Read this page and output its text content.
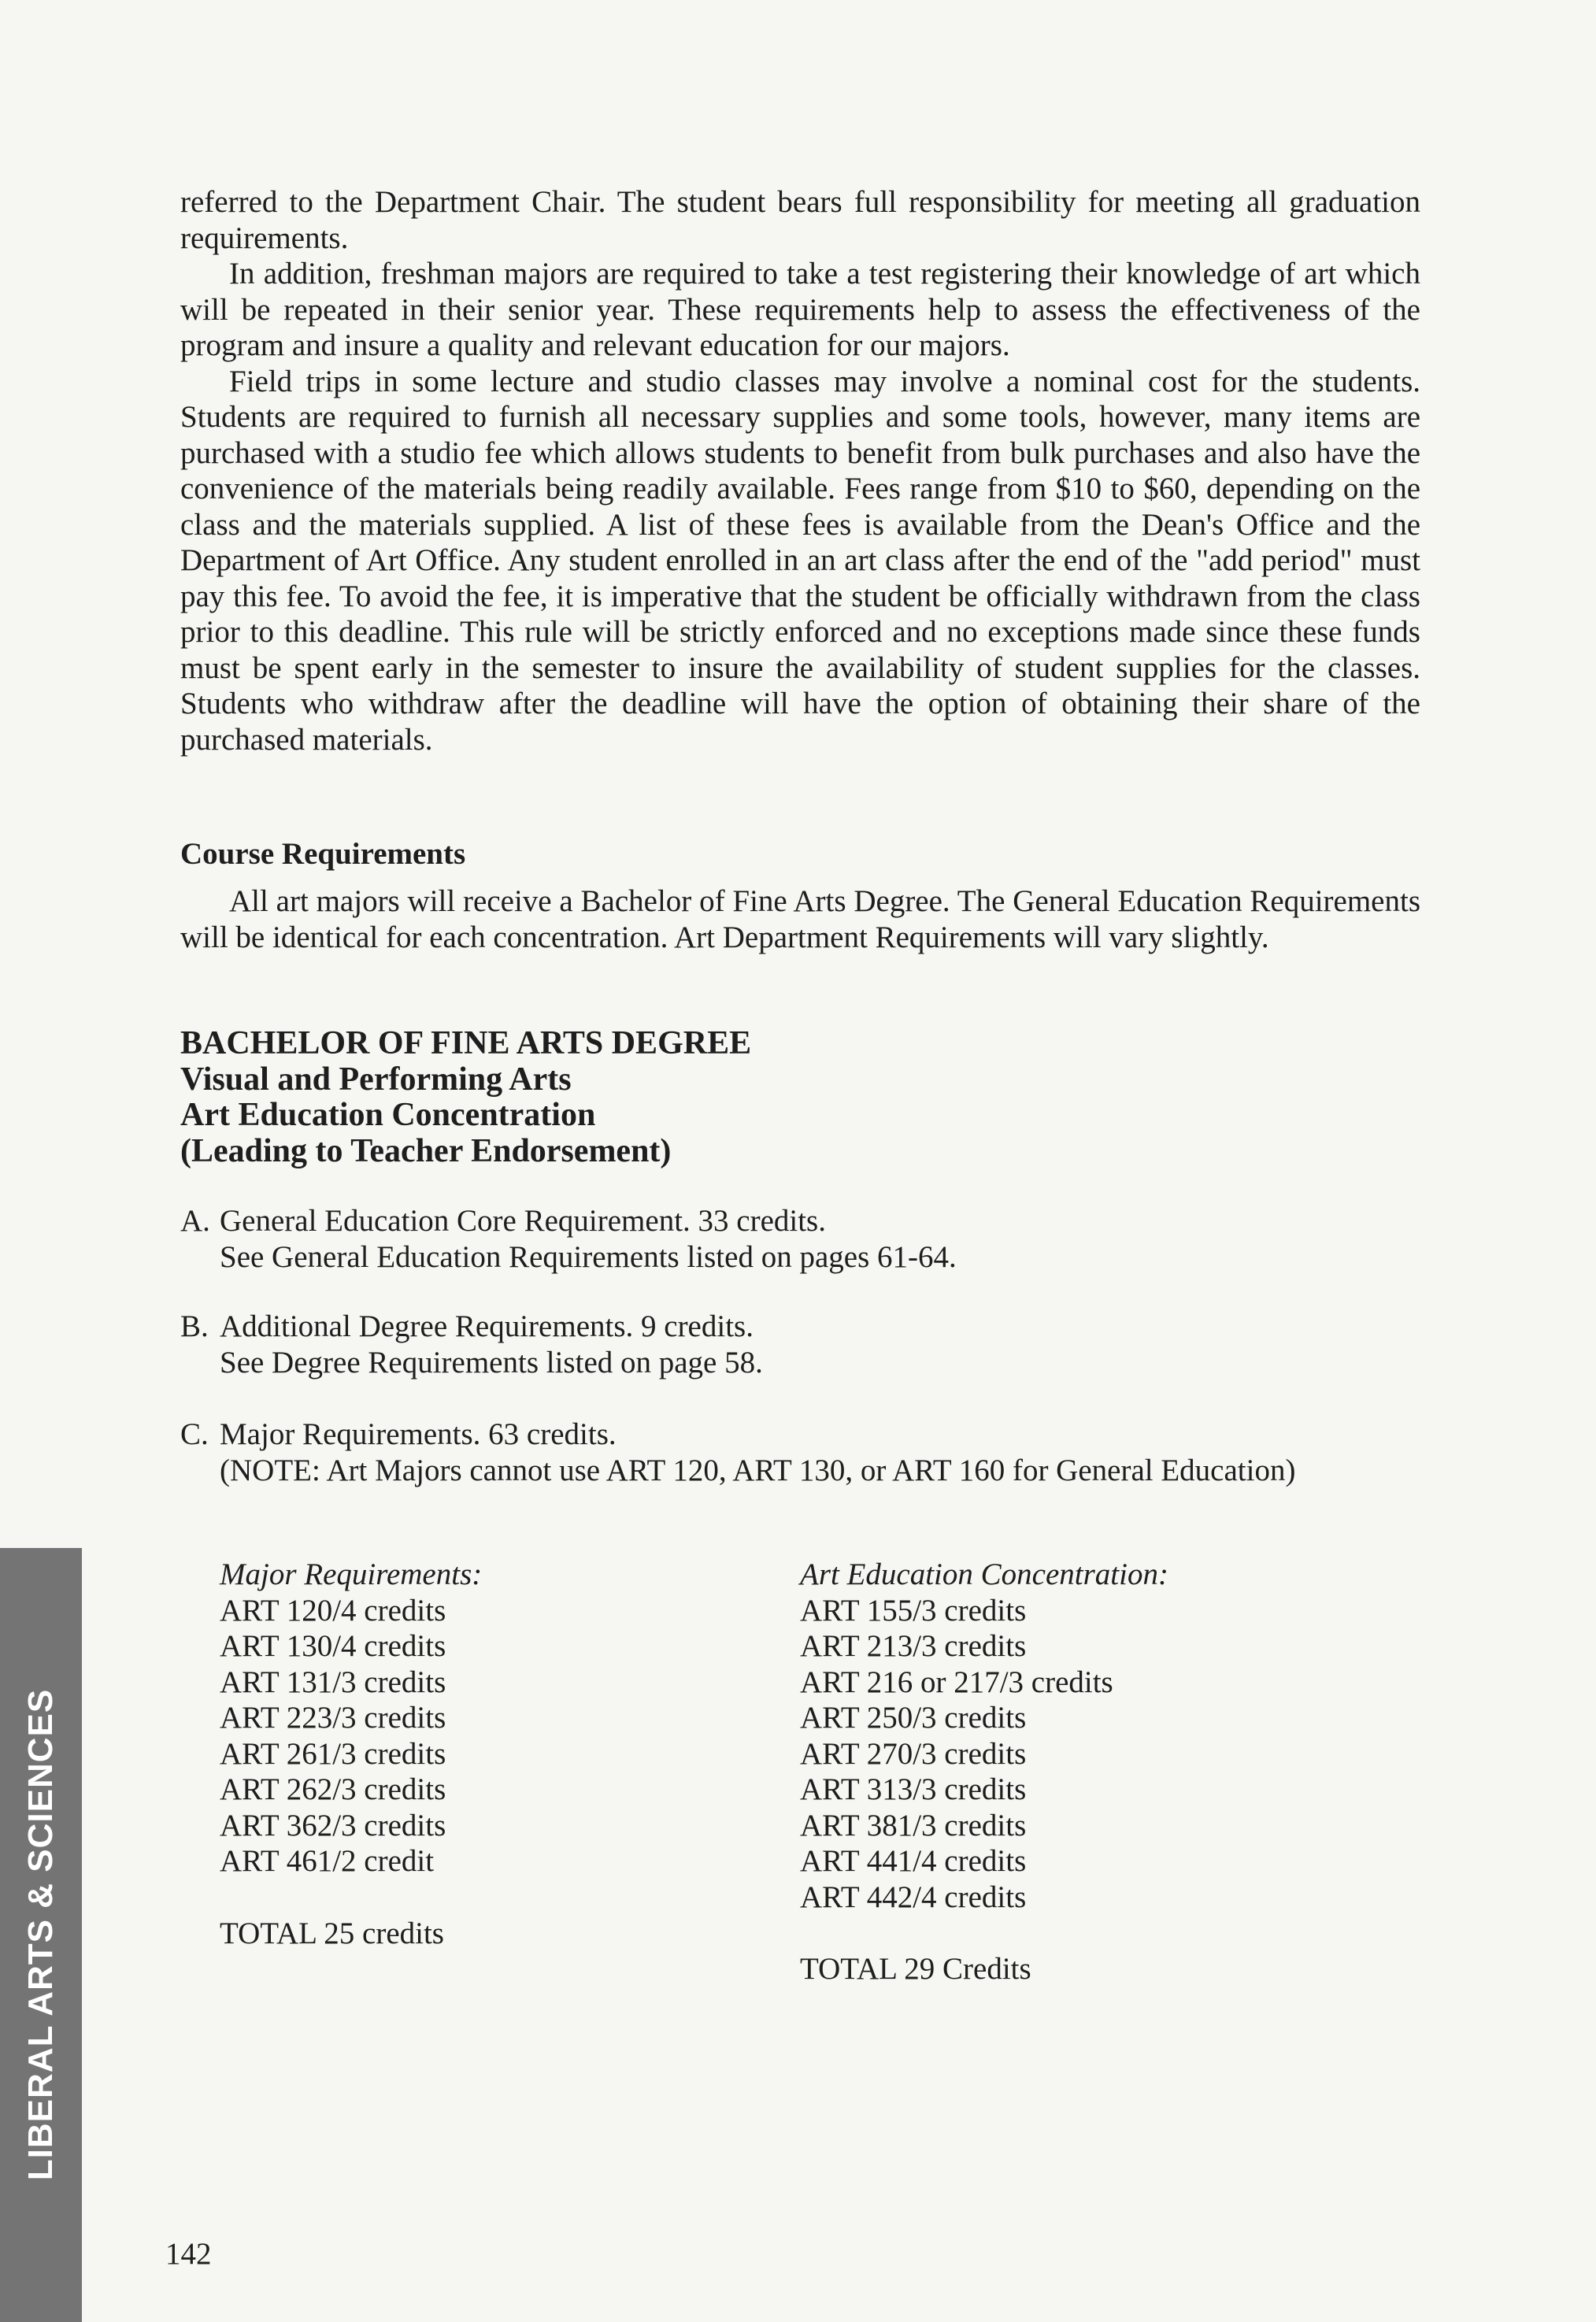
referred to the Department Chair. The student bears full responsibility for meeting all graduation requirements.

In addition, freshman majors are required to take a test registering their knowledge of art which will be repeated in their senior year. These requirements help to assess the effectiveness of the program and insure a quality and relevant education for our majors.

Field trips in some lecture and studio classes may involve a nominal cost for the students. Students are required to furnish all necessary supplies and some tools, however, many items are purchased with a studio fee which allows students to benefit from bulk purchases and also have the convenience of the materials being readily available. Fees range from $10 to $60, depending on the class and the materials supplied. A list of these fees is available from the Dean's Office and the Department of Art Office. Any student enrolled in an art class after the end of the "add period" must pay this fee. To avoid the fee, it is imperative that the student be officially withdrawn from the class prior to this deadline. This rule will be strictly enforced and no exceptions made since these funds must be spent early in the semester to insure the availability of student supplies for the classes. Students who withdraw after the deadline will have the option of obtaining their share of the purchased materials.

Course Requirements

All art majors will receive a Bachelor of Fine Arts Degree. The General Education Requirements will be identical for each concentration. Art Department Requirements will vary slightly.

BACHELOR OF FINE ARTS DEGREE
Visual and Performing Arts
Art Education Concentration
(Leading to Teacher Endorsement)
A. General Education Core Requirement. 33 credits.
See General Education Requirements listed on pages 61-64.
B. Additional Degree Requirements. 9 credits.
See Degree Requirements listed on page 58.
C. Major Requirements. 63 credits.
(NOTE: Art Majors cannot use ART 120, ART 130, or ART 160 for General Education)
Major Requirements:
ART 120/4 credits
ART 130/4 credits
ART 131/3 credits
ART 223/3 credits
ART 261/3 credits
ART 262/3 credits
ART 362/3 credits
ART 461/2 credit
TOTAL 25 credits
Art Education Concentration:
ART 155/3 credits
ART 213/3 credits
ART 216 or 217/3 credits
ART 250/3 credits
ART 270/3 credits
ART 313/3 credits
ART 381/3 credits
ART 441/4 credits
ART 442/4 credits
TOTAL 29 Credits
LIBERAL ARTS & SCIENCES
142
